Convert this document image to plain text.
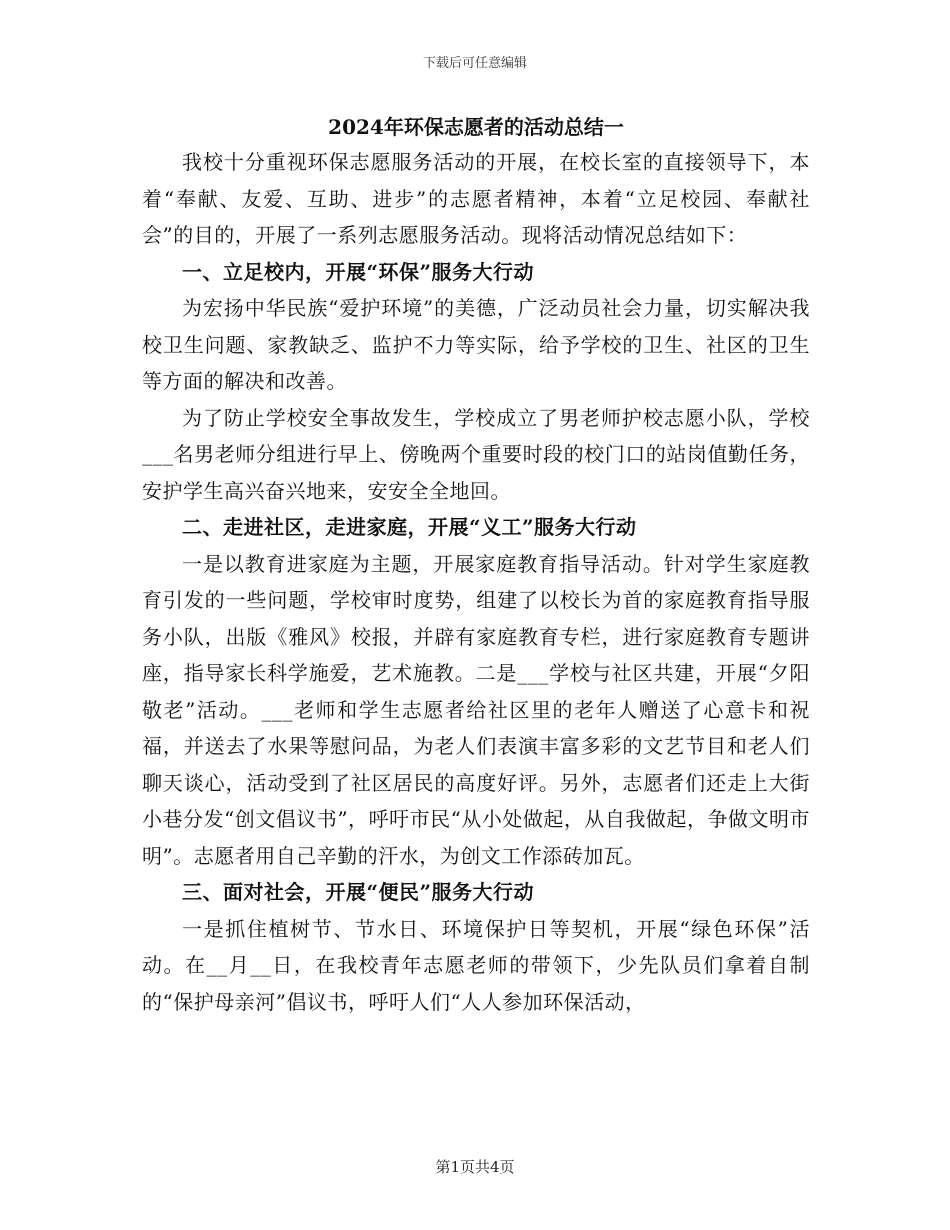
下载后可任意编辑
2024年环保志愿者的活动总结一

我校十分重视环保志愿服务活动的开展，在校长室的直接领导下，本着“奉献、友爱、互助、进步”的志愿者精神，本着“立足校园、奉献社会”的目的，开展了一系列志愿服务活动。现将活动情况总结如下：

一、立足校内，开展“环保”服务大行动

为宏扬中华民族“爱护环境”的美德，广泛动员社会力量，切实解决我校卫生问题、家教缺乏、监护不力等实际，给予学校的卫生、社区的卫生等方面的解决和改善。

为了防止学校安全事故发生，学校成立了男老师护校志愿小队，学校___名男老师分组进行早上、傍晚两个重要时段的校门口的站岗值勤任务，安护学生高兴奋兴地来，安安全全地回。

二、走进社区，走进家庭，开展“义工”服务大行动

一是以教育进家庭为主题，开展家庭教育指导活动。针对学生家庭教育引发的一些问题，学校审时度势，组建了以校长为首的家庭教育指导服务小队，出版《雅风》校报，并辟有家庭教育专栏，进行家庭教育专题讲座，指导家长科学施爱，艺术施教。二是___学校与社区共建，开展“夕阳敬老”活动。___老师和学生志愿者给社区里的老年人赠送了心意卡和祝福，并送去了水果等慰问品，为老人们表演丰富多彩的文艺节目和老人们聊天谈心，活动受到了社区居民的高度好评。另外，志愿者们还走上大街小巷分发“创文倡议书”，呼吁市民“从小处做起，从自我做起，争做文明市明”。志愿者用自己辛勤的汗水，为创文工作添砖加瓦。

三、面对社会，开展“便民”服务大行动

一是抓住植树节、节水日、环境保护日等契机，开展“绿色环保”活动。在__月__日，在我校青年志愿老师的带领下，少先队员们拿着自制的“保护母亲河”倡议书，呼吁人们“人人参加环保活动，

第1页共4页
